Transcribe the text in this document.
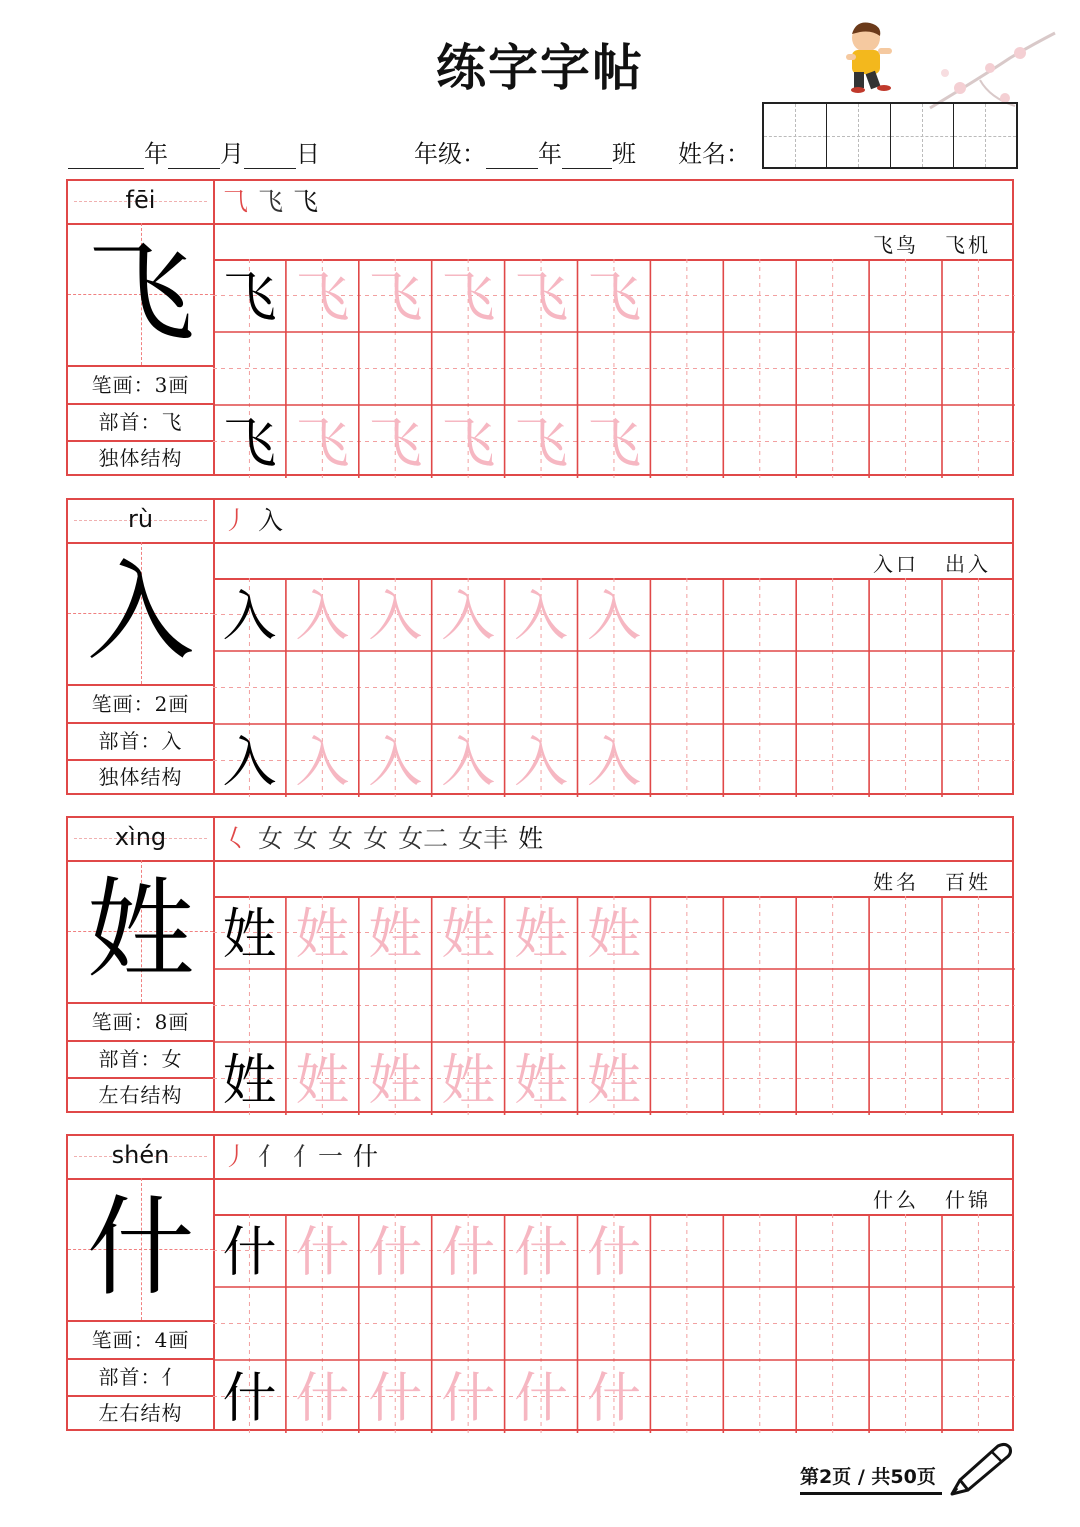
练字字帖
年 月 日	年级： 年 班 姓名：
fēi
飞
笔画：3画
部首：飞
独体结构
⺄ 飞 飞
飞鸟 飞机
飞 飞 飞 飞 飞 飞
飞 飞 飞 飞 飞 飞
rù
入
笔画：2画
部首：入
独体结构
丿 入
入口 出入
入 入 入 入 入 入
入 入 入 入 入 入
xìng
姓
笔画：8画
部首：女
左右结构
𡿨 女 女 女 女 女二 女丰 姓
姓名 百姓
姓 姓 姓 姓 姓 姓
姓 姓 姓 姓 姓 姓
shén
什
笔画：4画
部首：亻
左右结构
丿 亻 亻一 什
什么 什锦
什 什 什 什 什 什
什 什 什 什 什 什
第2页 / 共50页
